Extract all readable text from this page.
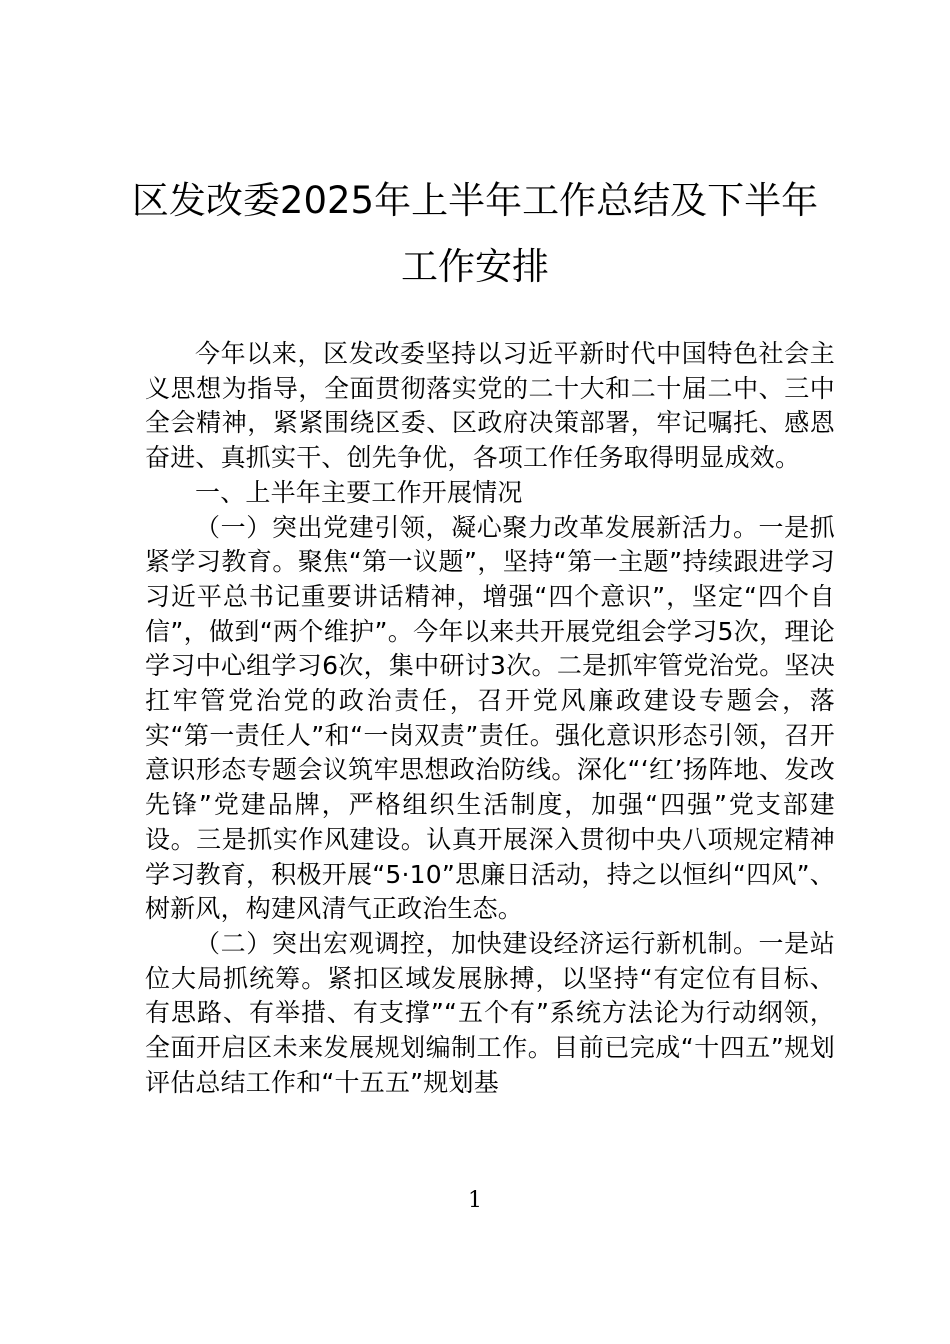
区发改委2025年上半年工作总结及下半年
工作安排

今年以来，区发改委坚持以习近平新时代中国特色社会主义思想为指导，全面贯彻落实党的二十大和二十届二中、三中全会精神，紧紧围绕区委、区政府决策部署，牢记嘱托、感恩奋进、真抓实干、创先争优，各项工作任务取得明显成效。

一、上半年主要工作开展情况

（一）突出党建引领，凝心聚力改革发展新活力。一是抓紧学习教育。聚焦“第一议题”，坚持“第一主题”持续跟进学习习近平总书记重要讲话精神，增强“四个意识”，坚定“四个自信”，做到“两个维护”。今年以来共开展党组会学习5次，理论学习中心组学习6次，集中研讨3次。二是抓牢管党治党。坚决扛牢管党治党的政治责任，召开党风廉政建设专题会，落实“第一责任人”和“一岗双责”责任。强化意识形态引领，召开意识形态专题会议筑牢思想政治防线。深化“‘红’扬阵地、发改先锋”党建品牌，严格组织生活制度，加强“四强”党支部建设。三是抓实作风建设。认真开展深入贯彻中央八项规定精神学习教育，积极开展“5·10”思廉日活动，持之以恒纠“四风”、树新风，构建风清气正政治生态。

（二）突出宏观调控，加快建设经济运行新机制。一是站位大局抓统筹。紧扣区域发展脉搏，以坚持“有定位有目标、有思路、有举措、有支撑”“五个有”系统方法论为行动纲领，全面开启区未来发展规划编制工作。目前已完成“十四五”规划评估总结工作和“十五五”规划基

1
